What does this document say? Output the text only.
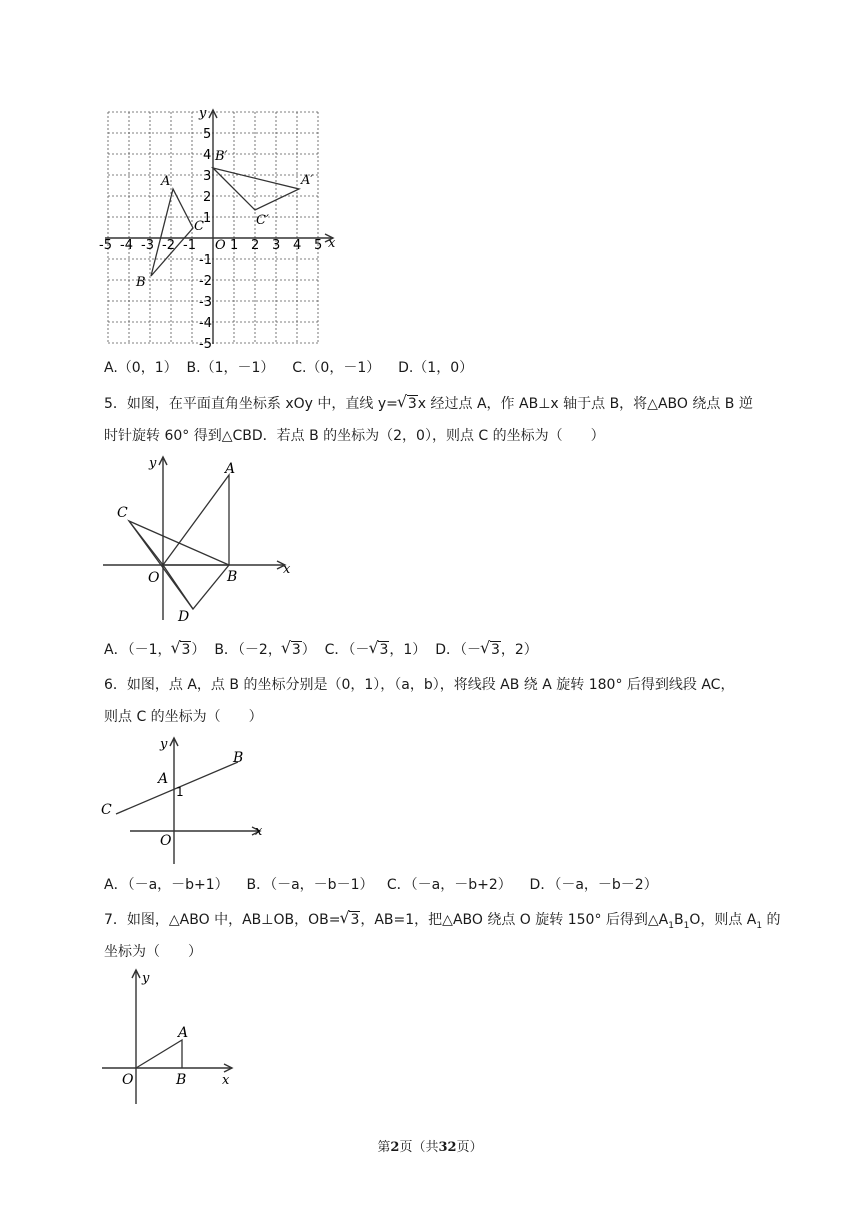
x
y
O
-5 -4 -3 -2 -1	1 2 3 4 5
5
4
3
2
1
-1
-2
-3
-4
-5
A
B
C
A′
B′
C′
A.（0，1） B.（1，－1） C.（0，－1） D.（1，0）
5．如图，在平面直角坐标系 xOy 中，直线 y= √ 3x 经过点 A，作 AB⊥x 轴于点 B，将△ABO 绕点 B 逆
时针旋转 60° 得到△CBD．若点 B 的坐标为（2，0），则点 C 的坐标为（　　）
x
y	A
B
C
D
O
A．（－1， √ 3） B．（－2， √ 3） C．（－ √ 3，1） D．（－ √ 3，2）
6．如图，点 A，点 B 的坐标分别是（0，1），（a，b），将线段 AB 绕 A 旋转 180° 后得到线段 AC，
则点 C 的坐标为（　　）
x
y
B
A
1
C
O
A．（－a，－b+1） B．（－a，－b－1） C．（－a，－b+2） D．（－a，－b－2）
7．如图，△ABO 中，AB⊥OB，OB= √ 3，AB=1，把△ABO 绕点 O 旋转 150° 后得到$\triangle A_1B_1O$，则点 $A_1$ 的
坐标为（　　）
x
y
A
B
O
第2页（共32页）
